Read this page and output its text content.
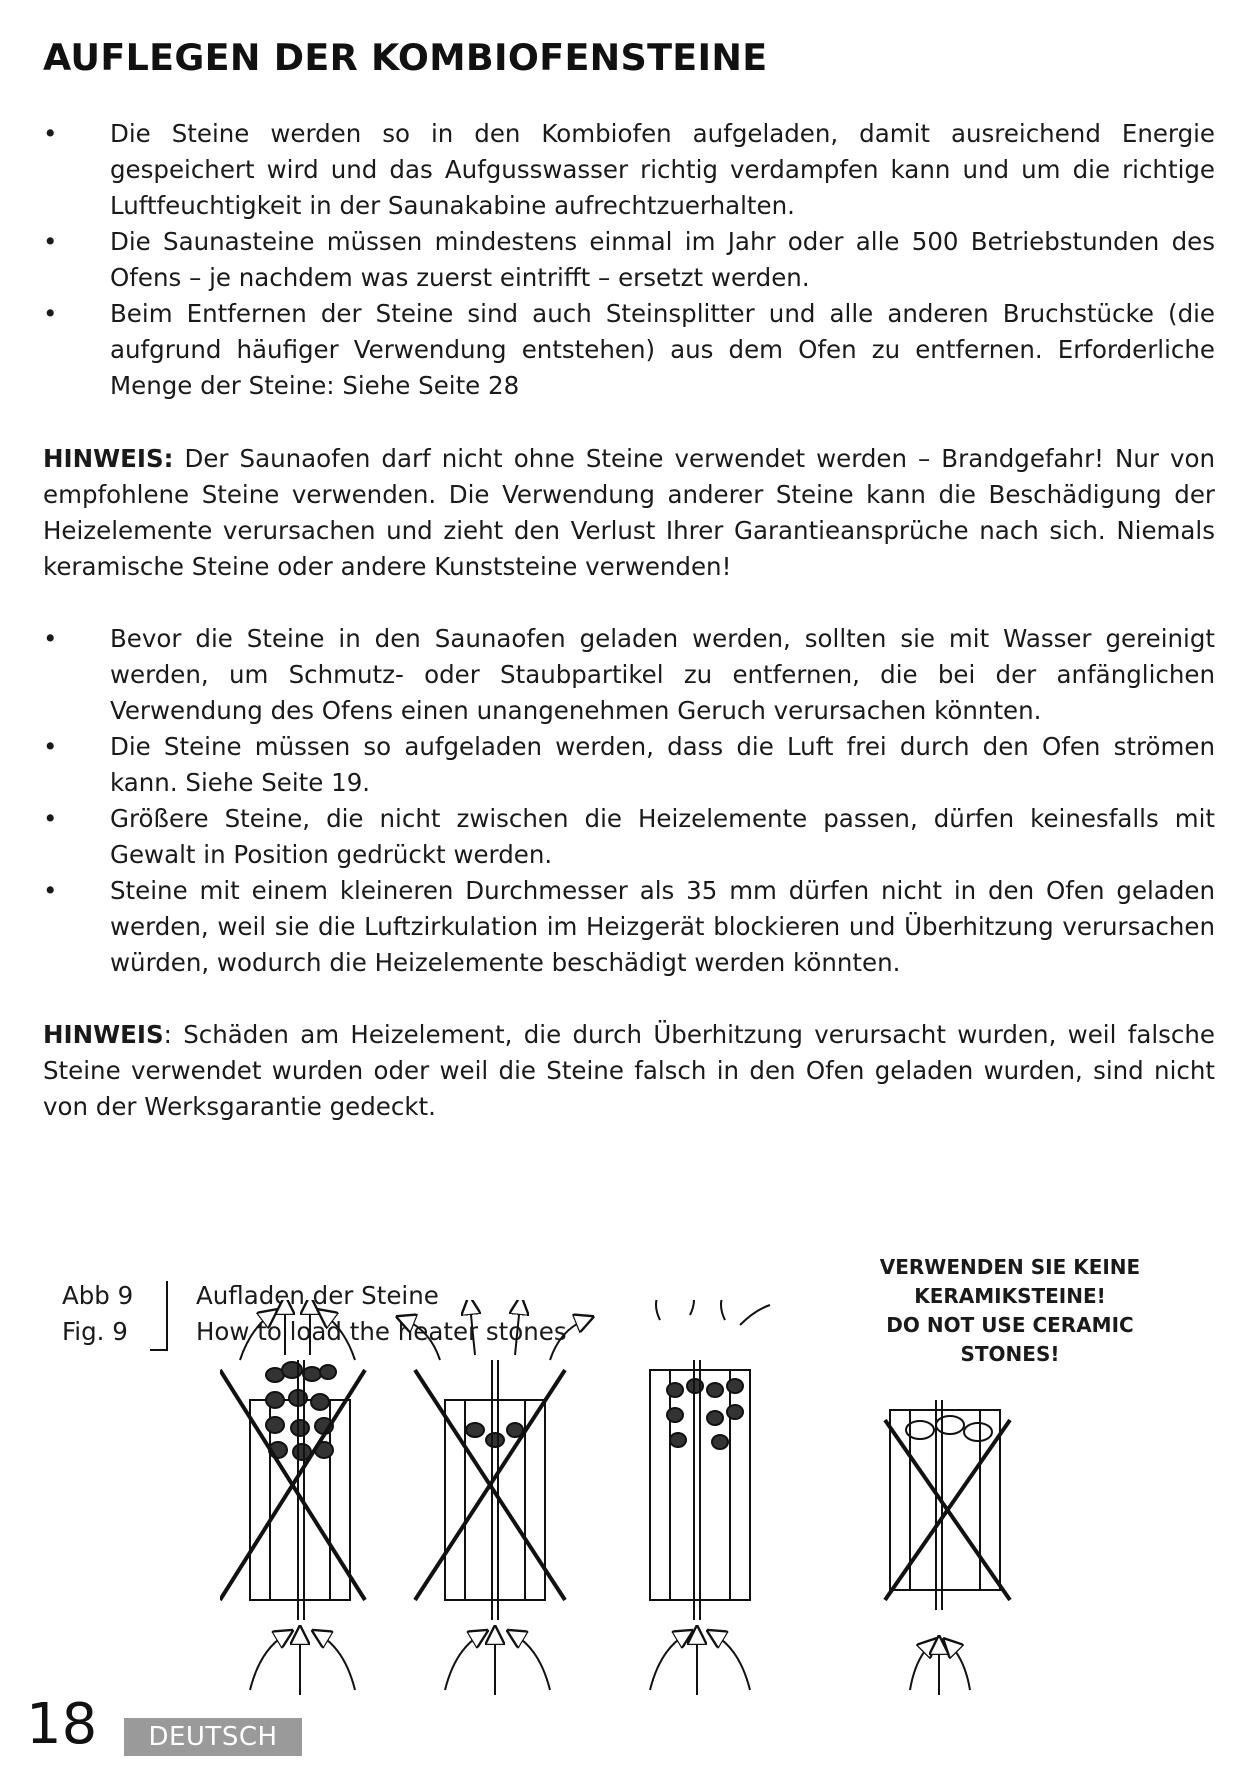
AUFLEGEN DER KOMBIOFENSTEINE
• Die Steine werden so in den Kombiofen aufgeladen, damit ausreichend Energie gespeichert wird und das Aufgusswasser richtig verdampfen kann und um die richtige Luftfeuchtigkeit in der Saunakabine aufrechtzuerhalten.
• Die Saunasteine müssen mindestens einmal im Jahr oder alle 500 Betriebstunden des Ofens – je nachdem was zuerst eintrifft – ersetzt werden.
• Beim Entfernen der Steine sind auch Steinsplitter und alle anderen Bruchstücke (die aufgrund häufiger Verwendung entstehen) aus dem Ofen zu entfernen. Erforderliche Menge der Steine: Siehe Seite 28

HINWEIS: Der Saunaofen darf nicht ohne Steine verwendet werden – Brandgefahr! Nur von empfohlene Steine verwenden. Die Verwendung anderer Steine kann die Beschädigung der Heizelemente verursachen und zieht den Verlust Ihrer Garantieansprüche nach sich. Niemals keramische Steine oder andere Kunststeine verwenden!

• Bevor die Steine in den Saunaofen geladen werden, sollten sie mit Wasser gereinigt werden, um Schmutz- oder Staubpartikel zu entfernen, die bei der anfänglichen Verwendung des Ofens einen unangenehmen Geruch verursachen könnten.
• Die Steine müssen so aufgeladen werden, dass die Luft frei durch den Ofen strömen kann. Siehe Seite 19.
• Größere Steine, die nicht zwischen die Heizelemente passen, dürfen keinesfalls mit Gewalt in Position gedrückt werden.
• Steine mit einem kleineren Durchmesser als 35 mm dürfen nicht in den Ofen geladen werden, weil sie die Luftzirkulation im Heizgerät blockieren und Überhitzung verursachen würden, wodurch die Heizelemente beschädigt werden könnten.

HINWEIS: Schäden am Heizelement, die durch Überhitzung verursacht wurden, weil falsche Steine verwendet wurden oder weil die Steine falsch in den Ofen geladen wurden, sind nicht von der Werksgarantie gedeckt.

Abb 9
Fig. 9
Aufladen der Steine
How to load the heater stones
VERWENDEN SIE KEINE
KERAMIKSTEINE!
DO NOT USE CERAMIC
STONES!
18	DEUTSCH
